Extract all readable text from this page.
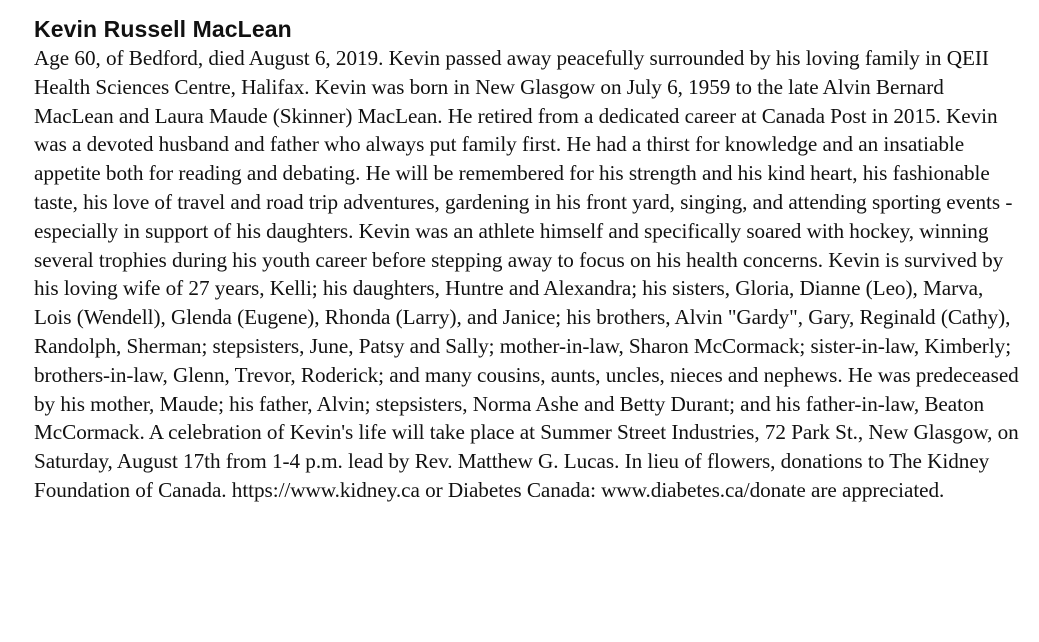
Kevin Russell MacLean

Age 60, of Bedford, died August 6, 2019. Kevin passed away peacefully surrounded by his loving family in QEII Health Sciences Centre, Halifax. Kevin was born in New Glasgow on July 6, 1959 to the late Alvin Bernard MacLean and Laura Maude (Skinner) MacLean. He retired from a dedicated career at Canada Post in 2015. Kevin was a devoted husband and father who always put family first. He had a thirst for knowledge and an insatiable appetite both for reading and debating. He will be remembered for his strength and his kind heart, his fashionable taste, his love of travel and road trip adventures, gardening in his front yard, singing, and attending sporting events - especially in support of his daughters. Kevin was an athlete himself and specifically soared with hockey, winning several trophies during his youth career before stepping away to focus on his health concerns. Kevin is survived by his loving wife of 27 years, Kelli; his daughters, Huntre and Alexandra; his sisters, Gloria, Dianne (Leo), Marva, Lois (Wendell), Glenda (Eugene), Rhonda (Larry), and Janice; his brothers, Alvin "Gardy", Gary, Reginald (Cathy), Randolph, Sherman; stepsisters, June, Patsy and Sally; mother-in-law, Sharon McCormack; sister-in-law, Kimberly; brothers-in-law, Glenn, Trevor, Roderick; and many cousins, aunts, uncles, nieces and nephews. He was predeceased by his mother, Maude; his father, Alvin; stepsisters, Norma Ashe and Betty Durant; and his father-in-law, Beaton McCormack. A celebration of Kevin's life will take place at Summer Street Industries, 72 Park St., New Glasgow, on Saturday, August 17th from 1-4 p.m. lead by Rev. Matthew G. Lucas. In lieu of flowers, donations to The Kidney Foundation of Canada. https://www.kidney.ca or Diabetes Canada: www.diabetes.ca/donate are appreciated.
